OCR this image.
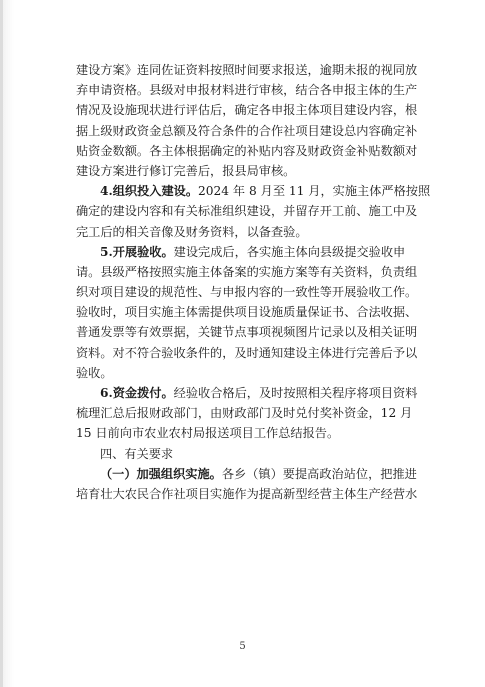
建设方案》连同佐证资料按照时间要求报送，逾期未报的视同放
弃申请资格。县级对申报材料进行审核，结合各申报主体的生产
情况及设施现状进行评估后，确定各申报主体项目建设内容，根
据上级财政资金总额及符合条件的合作社项目建设总内容确定补
贴资金数额。各主体根据确定的补贴内容及财政资金补贴数额对
建设方案进行修订完善后，报县局审核。
4.组织投入建设。2024 年 8 月至 11 月，实施主体严格按照
确定的建设内容和有关标准组织建设，并留存开工前、施工中及
完工后的相关音像及财务资料，以备查验。
5.开展验收。建设完成后，各实施主体向县级提交验收申
请。县级严格按照实施主体备案的实施方案等有关资料，负责组
织对项目建设的规范性、与申报内容的一致性等开展验收工作。
验收时，项目实施主体需提供项目设施质量保证书、合法收据、
普通发票等有效票据，关键节点事项视频图片记录以及相关证明
资料。对不符合验收条件的，及时通知建设主体进行完善后予以
验收。
6.资金拨付。经验收合格后，及时按照相关程序将项目资料
梳理汇总后报财政部门，由财政部门及时兑付奖补资金，12 月
15 日前向市农业农村局报送项目工作总结报告。
四、有关要求
（一）加强组织实施。各乡（镇）要提高政治站位，把推进
培育壮大农民合作社项目实施作为提高新型经营主体生产经营水
5
